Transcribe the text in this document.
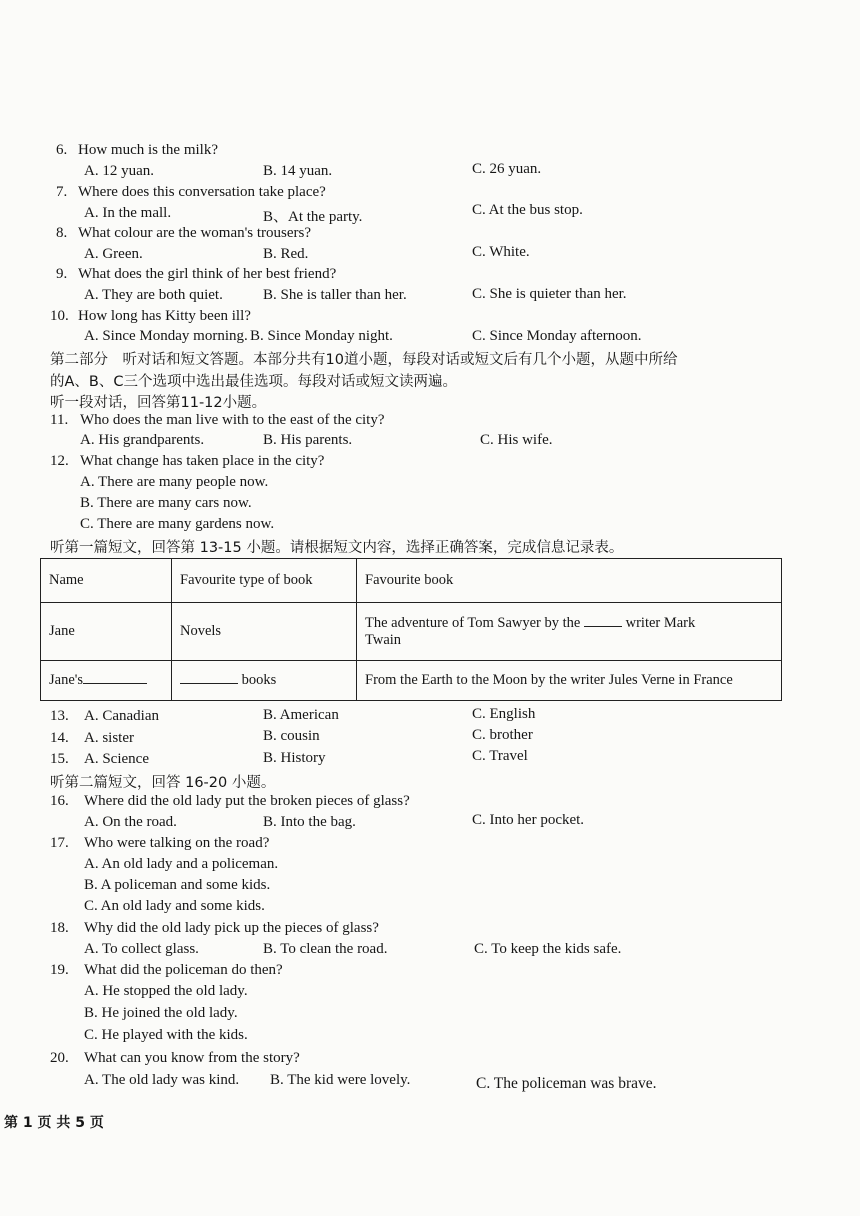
6. How much is the milk?
A. 12 yuan.	B. 14 yuan.	C. 26 yuan.
7. Where does this conversation take place?
A. In the mall.	B、At the party.	C. At the bus stop.
8. What colour are the woman's trousers?
A. Green.	B. Red.	C. White.
9. What does the girl think of her best friend?
A. They are both quiet.	B. She is taller than her.	C. She is quieter than her.
10. How long has Kitty been ill?
A. Since Monday morning. B. Since Monday night.	C. Since Monday afternoon.
第二部分　听对话和短文答题。本部分共有10道小题，每段对话或短文后有几个小题，从题中所给
的A、B、C三个选项中选出最佳选项。每段对话或短文读两遍。
听一段对话，回答第11-12小题。
11. Who does the man live with to the east of the city?
A. His grandparents.	B. His parents.	C. His wife.
12. What change has taken place in the city?
A. There are many people now.
B. There are many cars now.
C. There are many gardens now.
听第一篇短文，回答第 13-15 小题。请根据短文内容，选择正确答案，完成信息记录表。
Name	Favourite type of book	Favourite book
Jane	Novels	The adventure of Tom Sawyer by the writer Mark
Twain
Jane's	books	From the Earth to the Moon by the writer Jules Verne in France
13. A. Canadian	B. American	C. English
14. A. sister	B. cousin	C. brother
15. A. Science	B. History	C. Travel
听第二篇短文，回答 16-20 小题。
16. Where did the old lady put the broken pieces of glass?
A. On the road.	B. Into the bag.	C. Into her pocket.
17. Who were talking on the road?
A. An old lady and a policeman.
B. A policeman and some kids.
C. An old lady and some kids.
18. Why did the old lady pick up the pieces of glass?
A. To collect glass.	B. To clean the road.	C. To keep the kids safe.
19. What did the policeman do then?
A. He stopped the old lady.
B. He joined the old lady.
C. He played with the kids.
20. What can you know from the story?
A. The old lady was kind. B. The kid were lovely.	C. The policeman was brave.
第 1 页 共 5 页
